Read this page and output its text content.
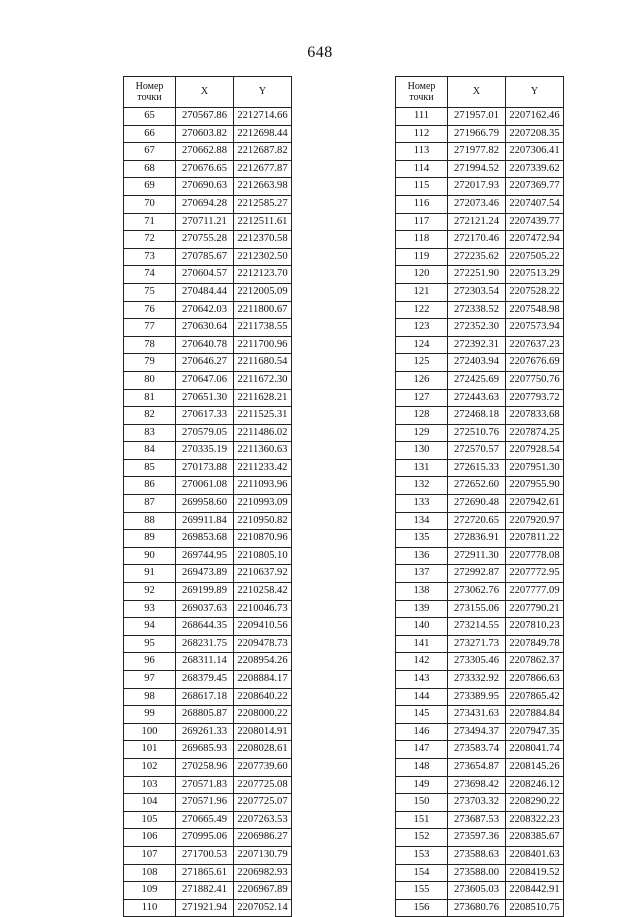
648
Номер
точки	X	Y
65	270567.86	2212714.66
66	270603.82	2212698.44
67	270662.88	2212687.82
68	270676.65	2212677.87
69	270690.63	2212663.98
70	270694.28	2212585.27
71	270711.21	2212511.61
72	270755.28	2212370.58
73	270785.67	2212302.50
74	270604.57	2212123.70
75	270484.44	2212005.09
76	270642.03	2211800.67
77	270630.64	2211738.55
78	270640.78	2211700.96
79	270646.27	2211680.54
80	270647.06	2211672.30
81	270651.30	2211628.21
82	270617.33	2211525.31
83	270579.05	2211486.02
84	270335.19	2211360.63
85	270173.88	2211233.42
86	270061.08	2211093.96
87	269958.60	2210993.09
88	269911.84	2210950.82
89	269853.68	2210870.96
90	269744.95	2210805.10
91	269473.89	2210637.92
92	269199.89	2210258.42
93	269037.63	2210046.73
94	268644.35	2209410.56
95	268231.75	2209478.73
96	268311.14	2208954.26
97	268379.45	2208884.17
98	268617.18	2208640.22
99	268805.87	2208000.22
100	269261.33	2208014.91
101	269685.93	2208028.61
102	270258.96	2207739.60
103	270571.83	2207725.08
104	270571.96	2207725.07
105	270665.49	2207263.53
106	270995.06	2206986.27
107	271700.53	2207130.79
108	271865.61	2206982.93
109	271882.41	2206967.89
110	271921.94	2207052.14
Номер
точки	X	Y
111	271957.01	2207162.46
112	271966.79	2207208.35
113	271977.82	2207306.41
114	271994.52	2207339.62
115	272017.93	2207369.77
116	272073.46	2207407.54
117	272121.24	2207439.77
118	272170.46	2207472.94
119	272235.62	2207505.22
120	272251.90	2207513.29
121	272303.54	2207528.22
122	272338.52	2207548.98
123	272352.30	2207573.94
124	272392.31	2207637.23
125	272403.94	2207676.69
126	272425.69	2207750.76
127	272443.63	2207793.72
128	272468.18	2207833.68
129	272510.76	2207874.25
130	272570.57	2207928.54
131	272615.33	2207951.30
132	272652.60	2207955.90
133	272690.48	2207942.61
134	272720.65	2207920.97
135	272836.91	2207811.22
136	272911.30	2207778.08
137	272992.87	2207772.95
138	273062.76	2207777.09
139	273155.06	2207790.21
140	273214.55	2207810.23
141	273271.73	2207849.78
142	273305.46	2207862.37
143	273332.92	2207866.63
144	273389.95	2207865.42
145	273431.63	2207884.84
146	273494.37	2207947.35
147	273583.74	2208041.74
148	273654.87	2208145.26
149	273698.42	2208246.12
150	273703.32	2208290.22
151	273687.53	2208322.23
152	273597.36	2208385.67
153	273588.63	2208401.63
154	273588.00	2208419.52
155	273605.03	2208442.91
156	273680.76	2208510.75
